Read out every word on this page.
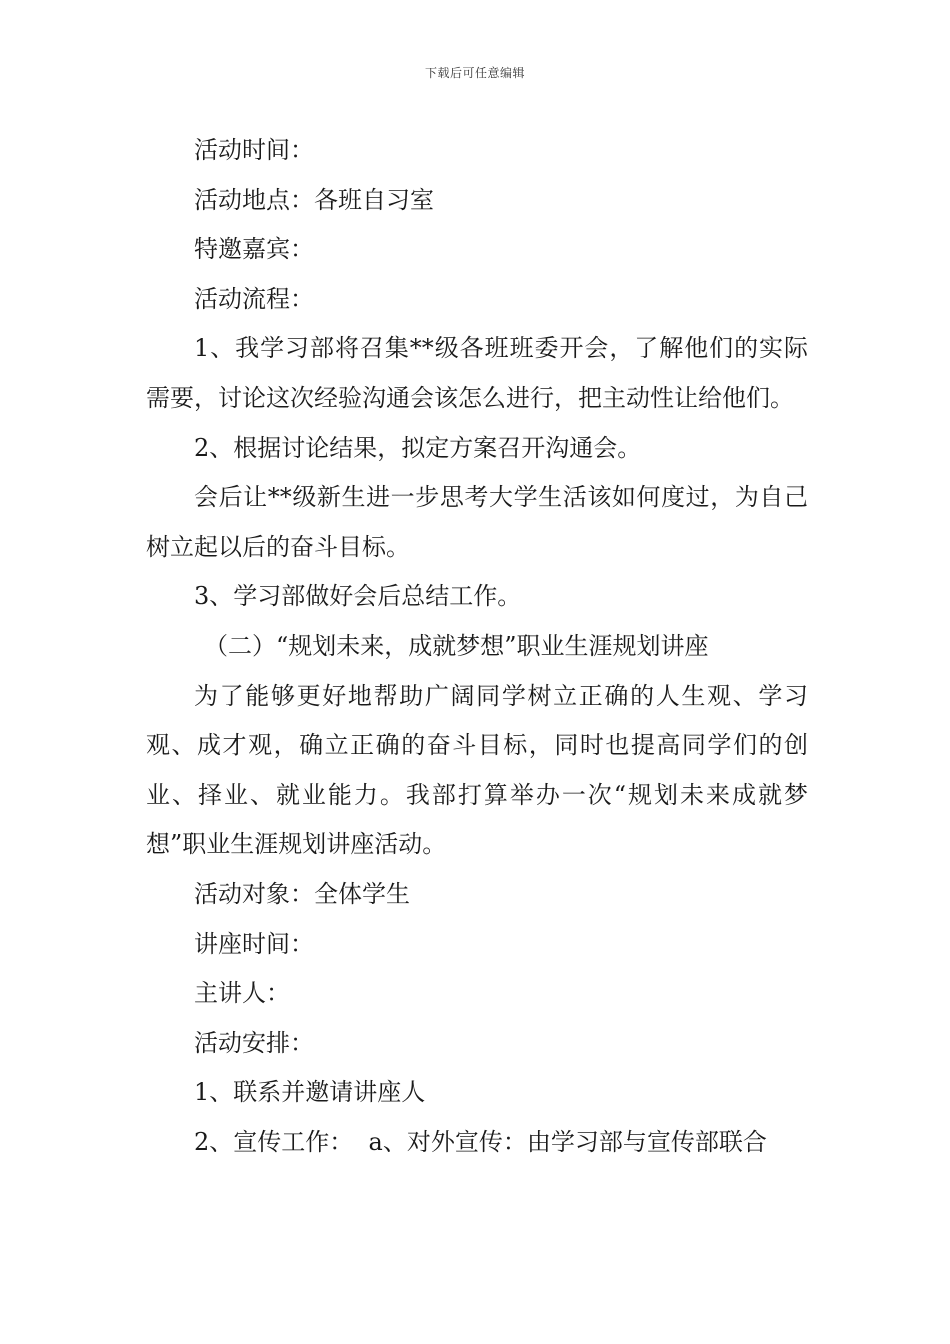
下载后可任意编辑

活动时间：

活动地点：各班自习室

特邀嘉宾：

活动流程：

1、我学习部将召集**级各班班委开会，了解他们的实际需要，讨论这次经验沟通会该怎么进行，把主动性让给他们。

2、根据讨论结果，拟定方案召开沟通会。

会后让**级新生进一步思考大学生活该如何度过，为自己树立起以后的奋斗目标。

3、学习部做好会后总结工作。

（二）“规划未来，成就梦想”职业生涯规划讲座

为了能够更好地帮助广阔同学树立正确的人生观、学习观、成才观，确立正确的奋斗目标，同时也提高同学们的创业、择业、就业能力。我部打算举办一次“规划未来成就梦想”职业生涯规划讲座活动。

活动对象：全体学生

讲座时间：

主讲人：

活动安排：

1、联系并邀请讲座人

2、宣传工作：  a、对外宣传：由学习部与宣传部联合
